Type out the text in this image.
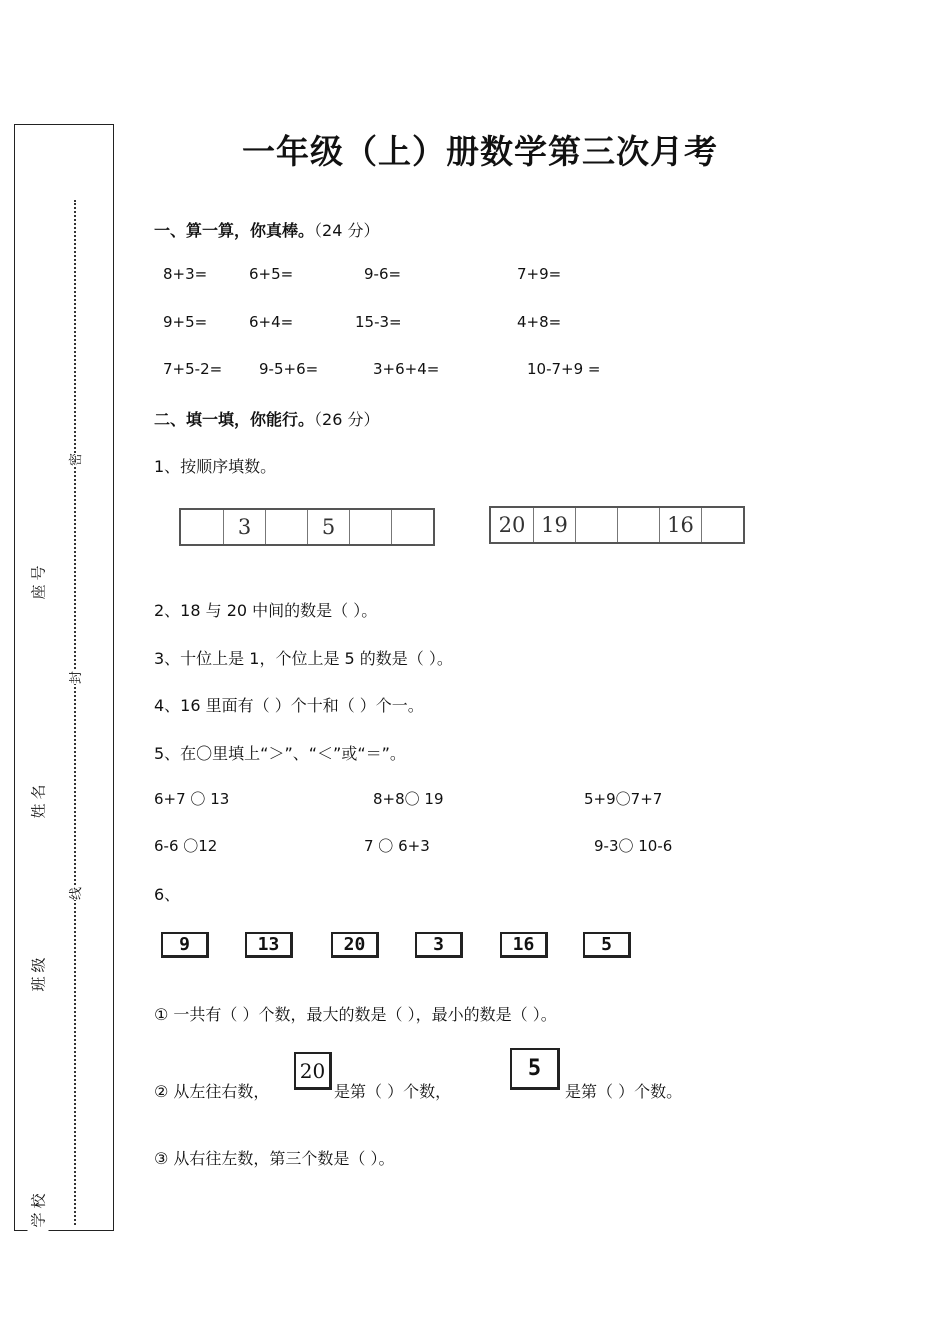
学校
班级
姓名
座号
密
封
线
一年级（上）册数学第三次月考
一、算一算，你真棒。（24 分）
8+3=	6+5=	9-6=	7+9=
9+5=	6+4=	15-3=	4+8=
7+5-2= 9-5+6=	3+6+4=	10-7+9 =
二、填一填，你能行。（26 分）
1、按顺序填数。
3	5	20 19	16
2、18 与 20 中间的数是（ ）。
3、十位上是 1，个位上是 5 的数是（ ）。
4、16 里面有（ ）个十和（ ）个一。
5、在〇里填上“＞”、“＜”或“＝”。
6+7 〇 13	8+8〇 19	5+9〇7+7
6-6 〇12	7 〇 6+3	9-3〇 10-6
6、
9	13	20	3	16	5
① 一共有（ ）个数，最大的数是（ ），最小的数是（ ）。
② 从左往右数，
20
是第（ ）个数，
5
是第（ ）个数。
③ 从右往左数，第三个数是（ ）。
